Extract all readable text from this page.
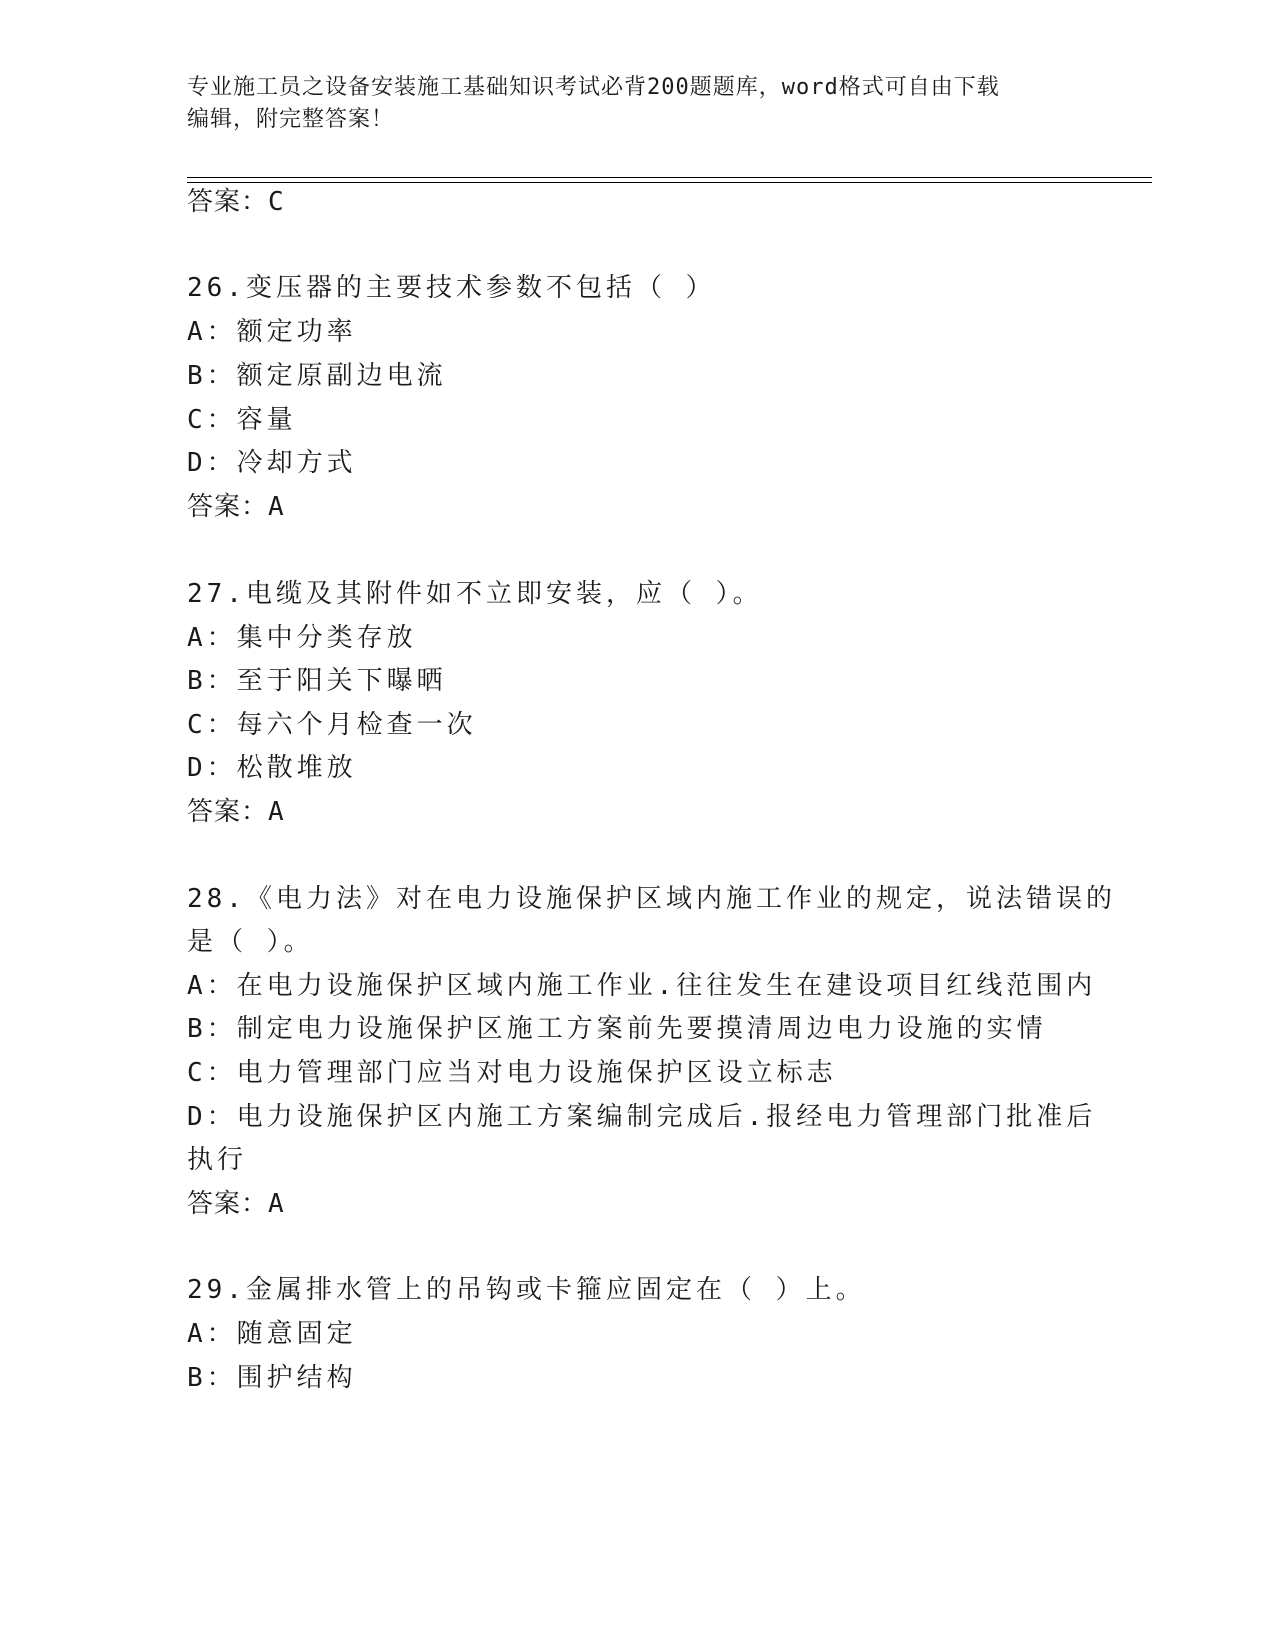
专业施工员之设备安装施工基础知识考试必背200题题库，word格式可自由下载
编辑，附完整答案！
答案：C
26.变压器的主要技术参数不包括（ ）
A：额定功率
B：额定原副边电流
C：容量
D：冷却方式
答案：A
27.电缆及其附件如不立即安装，应（ ）。
A：集中分类存放
B：至于阳关下曝晒
C：每六个月检查一次
D：松散堆放
答案：A
28.《电力法》对在电力设施保护区域内施工作业的规定，说法错误的
是（ ）。
A：在电力设施保护区域内施工作业.往往发生在建设项目红线范围内
B：制定电力设施保护区施工方案前先要摸清周边电力设施的实情
C：电力管理部门应当对电力设施保护区设立标志
D：电力设施保护区内施工方案编制完成后.报经电力管理部门批准后
执行
答案：A
29.金属排水管上的吊钩或卡箍应固定在（ ）上。
A：随意固定
B：围护结构
